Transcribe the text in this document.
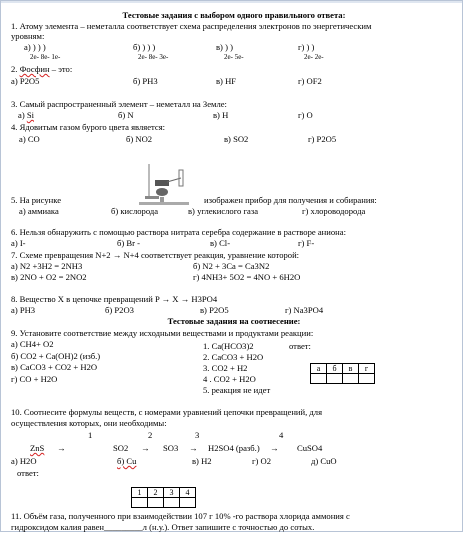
Тестовые задания с выбором одного правильного ответа:
1. Атому элемента – неметалла соответствует схема распределения электронов по энергетическим
уровням:
а) ) ) )	б) ) ) )	в) ) )	г) ) )
2е- 8е- 1е-	2е- 8е- 3е-	2е- 5е-	2е- 2е-
2. Фосфин – это:
а) P2O5	б) PH3	в) HF	г) OF2
3. Самый распространенный элемент – неметалл на Земле:
а) Si	б) N	в) H	г) O
4. Ядовитым газом бурого цвета является:
а) CO	б) NO2	в) SO2	г) P2O5
5. На рисунке	изображен прибор для получения и собирания:
а) аммиака	б) кислорода	в) углекислого газа	г) хлороводорода
6. Нельзя обнаружить с помощью раствора нитрата серебра содержание в растворе аниона:
а) I-	б) Br -	в) Cl-	г) F-
7. Схеме превращения N+2 → N+4 соответствует реакция, уравнение которой:
а) N2 +3H2 = 2NH3	б) N2 + 3Ca = Ca3N2
в) 2NO + O2 = 2NO2	г) 4NH3+ 5O2 = 4NO + 6H2O
8. Вещество Х в цепочке превращений P → X → H3PO4
а) PH3	б) P2O3	в) P2O5	г) Na3PO4
Тестовые задания на соотнесение:
9. Установите соответствие между исходными веществами и продуктами реакции:
а) CH4+ O2
б) CO2 + Ca(OH)2 (изб.)
в) CaCO3 + CO2 + H2O
г) CO + H2O
1. Ca(HCO3)2
2. CaCO3 + H2O
3. CO2 + H2
4 . CO2 + H2O
5. реакция не идет
ответ:
а	б	в	г

10. Соотнесите формулы веществ, с номерами уравнений цепочки превращений, для
осуществления которых, они необходимы:
1	2	3	4
ZnS →	SO2 → SO3 → H2SO4 (разб.) → CuSO4
а) H2O	б) Cu	в) H2	г) O2	д) CuO
ответ:
1	2	3	4

11. Объём газа, полученного при взаимодействии 107 г 10% -го раствора хлорида аммония с
гидроксидом калия равен_________л (н.у.). Ответ запишите с точностью до сотых.
